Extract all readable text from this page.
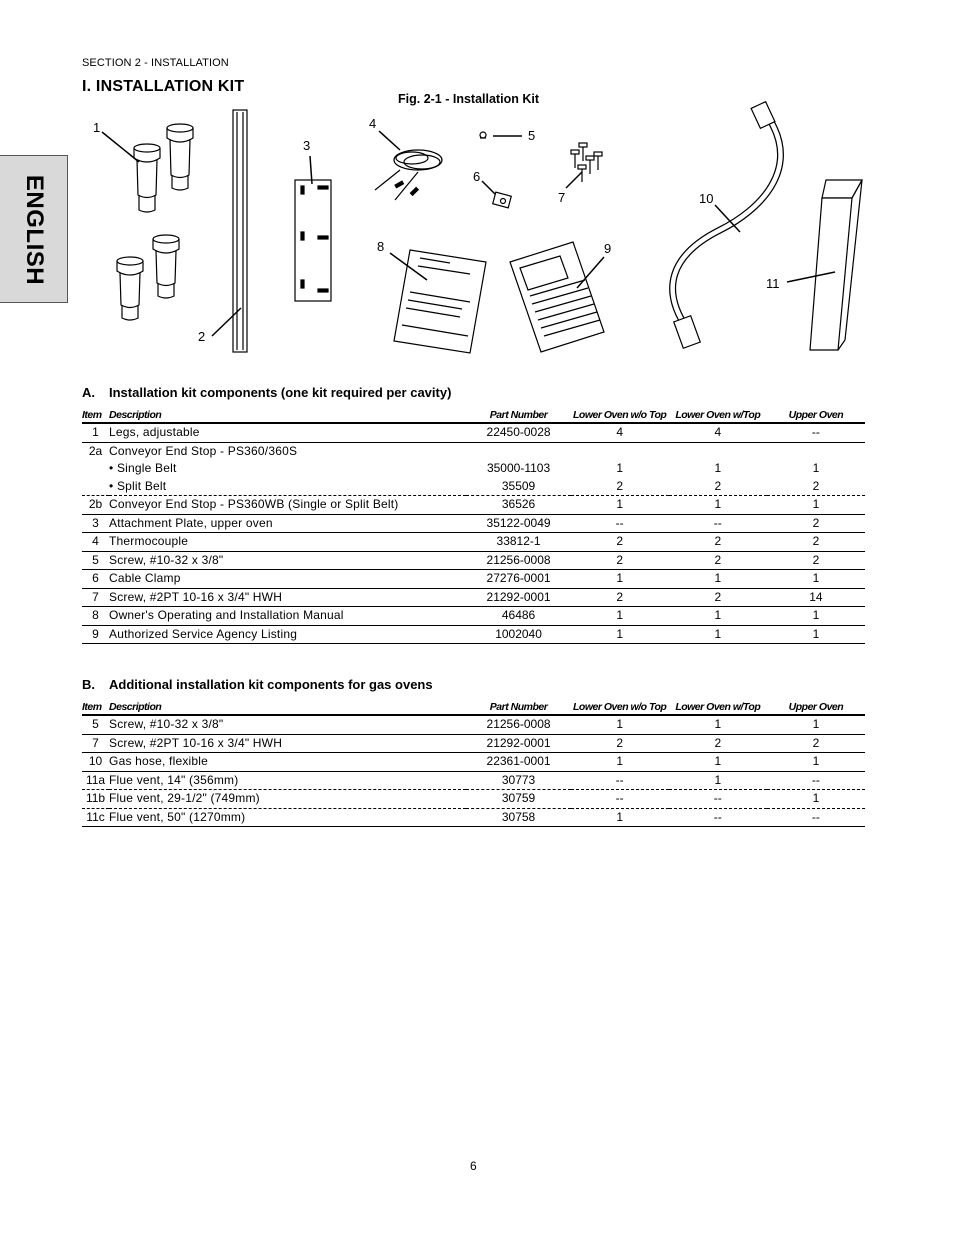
SECTION 2 - INSTALLATION
I. INSTALLATION KIT
ENGLISH
Fig. 2-1 - Installation Kit
1
2
3
4
5
6
7
8	9
10
11
A. Installation kit components (one kit required per cavity)
Item	Description	Part Number	Lower Oven w/o Top	Lower Oven w/Top	Upper Oven
1	Legs, adjustable	22450-0028	4	4	--
2a	Conveyor End Stop - PS360/360S				
	• Single Belt	35000-1103	1	1	1
	• Split Belt	35509	2	2	2
2b	Conveyor End Stop - PS360WB (Single or Split Belt)	36526	1	1	1
3	Attachment Plate, upper oven	35122-0049	--	--	2
4	Thermocouple	33812-1	2	2	2
5	Screw, #10-32 x 3/8"	21256-0008	2	2	2
6	Cable Clamp	27276-0001	1	1	1
7	Screw, #2PT 10-16 x 3/4" HWH	21292-0001	2	2	14
8	Owner's Operating and Installation Manual	46486	1	1	1
9	Authorized Service Agency Listing	1002040	1	1	1
B. Additional installation kit components for gas ovens
Item	Description	Part Number	Lower Oven w/o Top	Lower Oven w/Top	Upper Oven
5	Screw, #10-32 x 3/8"	21256-0008	1	1	1
7	Screw, #2PT 10-16 x 3/4" HWH	21292-0001	2	2	2
10	Gas hose, flexible	22361-0001	1	1	1
11a	Flue vent, 14" (356mm)	30773	--	1	--
11b	Flue vent, 29-1/2" (749mm)	30759	--	--	1
11c	Flue vent, 50" (1270mm)	30758	1	--	--
6
